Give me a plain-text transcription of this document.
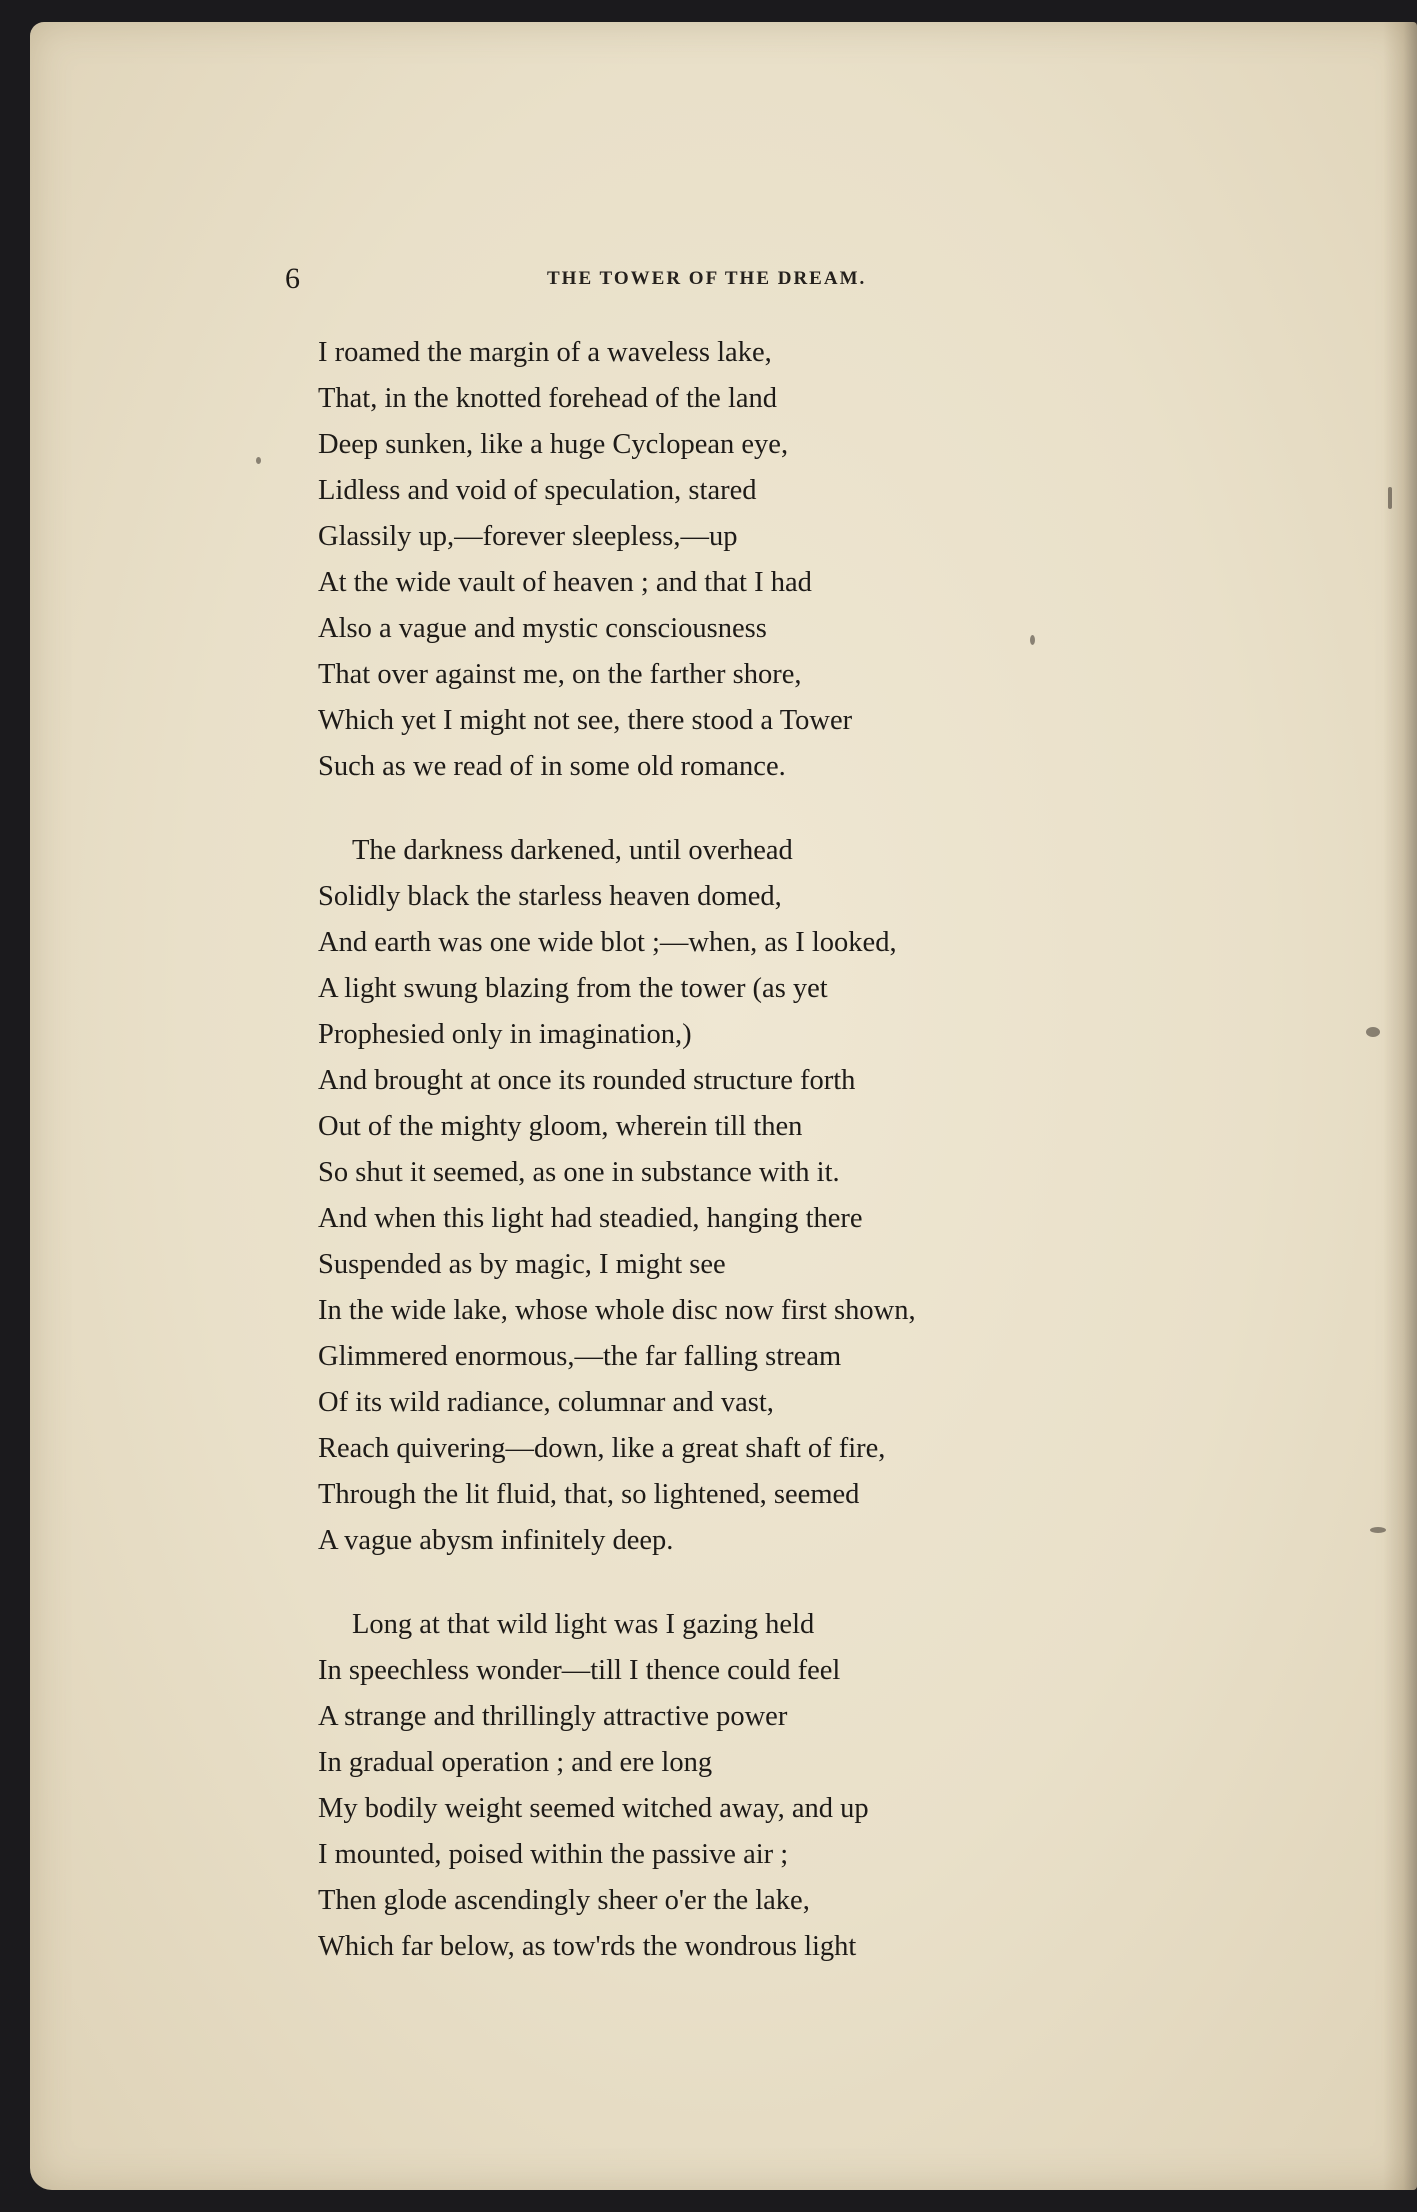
6	THE TOWER OF THE DREAM.

I roamed the margin of a waveless lake,
That, in the knotted forehead of the land
Deep sunken, like a huge Cyclopean eye,
Lidless and void of speculation, stared
Glassily up,—forever sleepless,—up
At the wide vault of heaven ; and that I had
Also a vague and mystic consciousness
That over against me, on the farther shore,
Which yet I might not see, there stood a Tower
Such as we read of in some old romance.

The darkness darkened, until overhead
Solidly black the starless heaven domed,
And earth was one wide blot ;—when, as I looked,
A light swung blazing from the tower (as yet
Prophesied only in imagination,)
And brought at once its rounded structure forth
Out of the mighty gloom, wherein till then
So shut it seemed, as one in substance with it.
And when this light had steadied, hanging there
Suspended as by magic, I might see
In the wide lake, whose whole disc now first shown,
Glimmered enormous,—the far falling stream
Of its wild radiance, columnar and vast,
Reach quivering—down, like a great shaft of fire,
Through the lit fluid, that, so lightened, seemed
A vague abysm infinitely deep.

Long at that wild light was I gazing held
In speechless wonder—till I thence could feel
A strange and thrillingly attractive power
In gradual operation ; and ere long
My bodily weight seemed witched away, and up
I mounted, poised within the passive air ;
Then glode ascendingly sheer o'er the lake,
Which far below, as tow'rds the wondrous light
